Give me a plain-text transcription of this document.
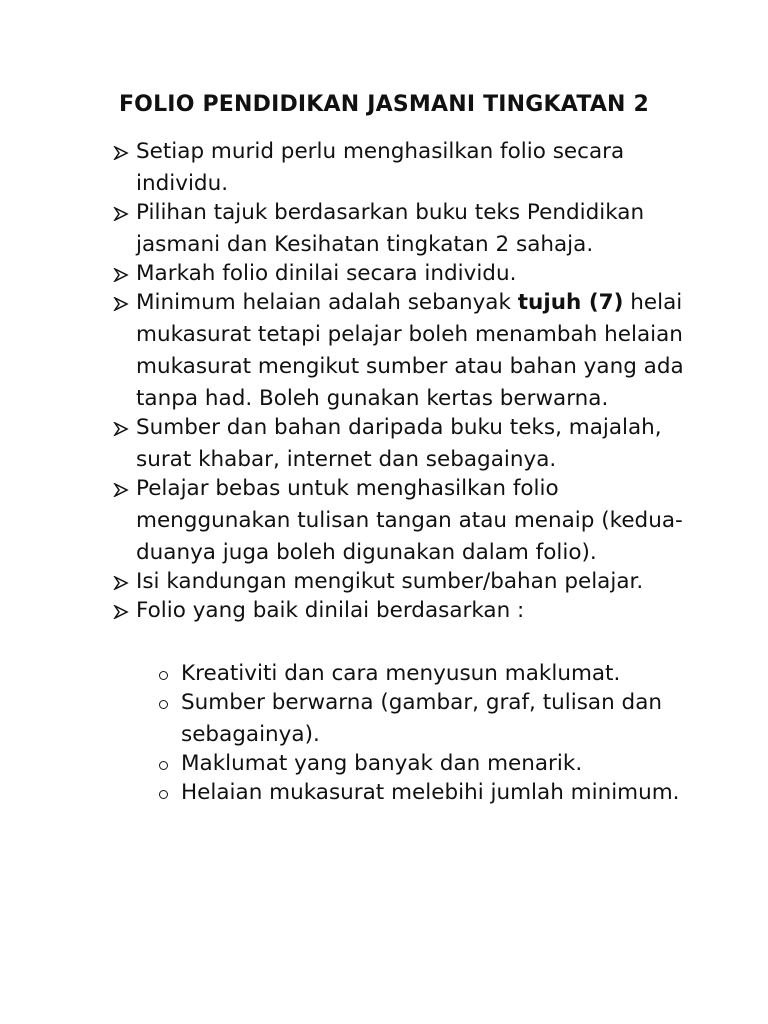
FOLIO PENDIDIKAN JASMANI TINGKATAN 2
Setiap murid perlu menghasilkan folio secara individu.
Pilihan tajuk berdasarkan buku teks Pendidikan jasmani dan Kesihatan tingkatan 2 sahaja.
Markah folio dinilai secara individu.
Minimum helaian adalah sebanyak tujuh (7) helai mukasurat tetapi pelajar boleh menambah helaian mukasurat mengikut sumber atau bahan yang ada tanpa had. Boleh gunakan kertas berwarna.
Sumber dan bahan daripada buku teks, majalah, surat khabar, internet dan sebagainya.
Pelajar bebas untuk menghasilkan folio menggunakan tulisan tangan atau menaip (kedua-duanya juga boleh digunakan dalam folio).
Isi kandungan mengikut sumber/bahan pelajar.
Folio yang baik dinilai berdasarkan :
Kreativiti dan cara menyusun maklumat.
Sumber berwarna (gambar, graf, tulisan dan sebagainya).
Maklumat yang banyak dan menarik.
Helaian mukasurat melebihi jumlah minimum.
